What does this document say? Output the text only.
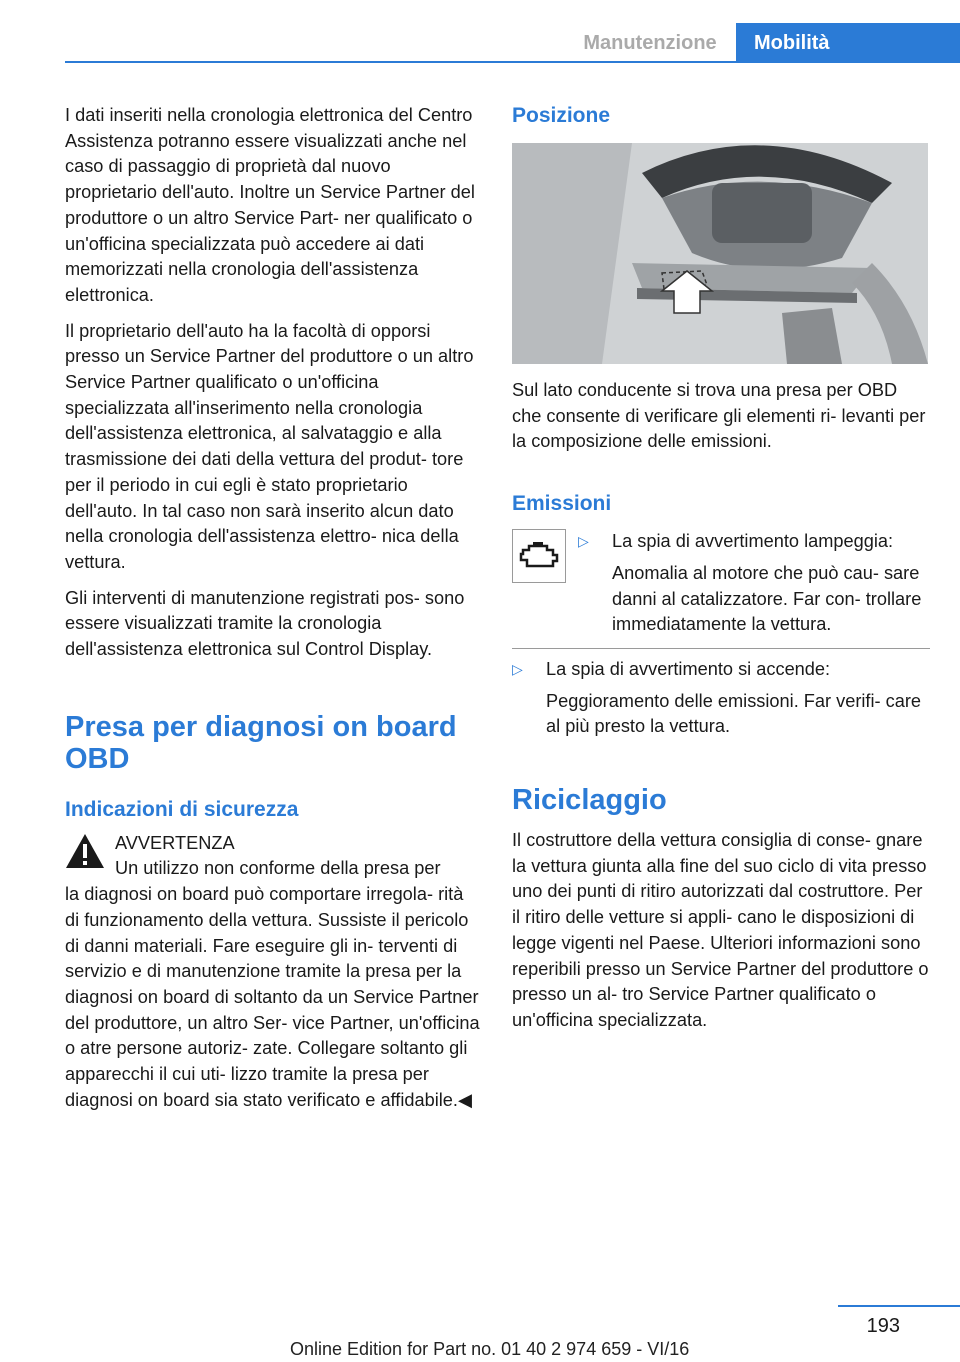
Manutenzione	Mobilità

I dati inseriti nella cronologia elettronica del Centro Assistenza potranno essere visualizzati anche nel caso di passaggio di proprietà dal nuovo proprietario dell'auto. Inoltre un Service Partner del produttore o un altro Service Part‐ ner qualificato o un'officina specializzata può accedere ai dati memorizzati nella cronologia dell'assistenza elettronica.

Il proprietario dell'auto ha la facoltà di opporsi presso un Service Partner del produttore o un altro Service Partner qualificato o un'officina specializzata all'inserimento nella cronologia dell'assistenza elettronica, al salvataggio e alla trasmissione dei dati della vettura del produt‐ tore per il periodo in cui egli è stato proprietario dell'auto. In tal caso non sarà inserito alcun dato nella cronologia dell'assistenza elettro‐ nica della vettura.

Gli interventi di manutenzione registrati pos‐ sono essere visualizzati tramite la cronologia dell'assistenza elettronica sul Control Display.

Presa per diagnosi on board OBD
Indicazioni di sicurezza

AVVERTENZA

Un utilizzo non conforme della presa per

la diagnosi on board può comportare irregola‐ rità di funzionamento della vettura. Sussiste il pericolo di danni materiali. Fare eseguire gli in‐ terventi di servizio e di manutenzione tramite la presa per la diagnosi on board di soltanto da un Service Partner del produttore, un altro Ser‐ vice Partner, un'officina o atre persone autoriz‐ zate. Collegare soltanto gli apparecchi il cui uti‐ lizzo tramite la presa per diagnosi on board sia stato verificato e affidabile.◀

Posizione

Sul lato conducente si trova una presa per OBD che consente di verificare gli elementi ri‐ levanti per la composizione delle emissioni.

Emissioni
▷ La spia di avvertimento lampeggia:

Anomalia al motore che può cau‐ sare danni al catalizzatore. Far con‐ trollare immediatamente la vettura.

▷ La spia di avvertimento si accende:

Peggioramento delle emissioni. Far verifi‐ care al più presto la vettura.

Riciclaggio

Il costruttore della vettura consiglia di conse‐ gnare la vettura giunta alla fine del suo ciclo di vita presso uno dei punti di ritiro autorizzati dal costruttore. Per il ritiro delle vetture si appli‐ cano le disposizioni di legge vigenti nel Paese. Ulteriori informazioni sono reperibili presso un Service Partner del produttore o presso un al‐ tro Service Partner qualificato o un'officina specializzata.

193
Online Edition for Part no. 01 40 2 974 659 - VI/16
